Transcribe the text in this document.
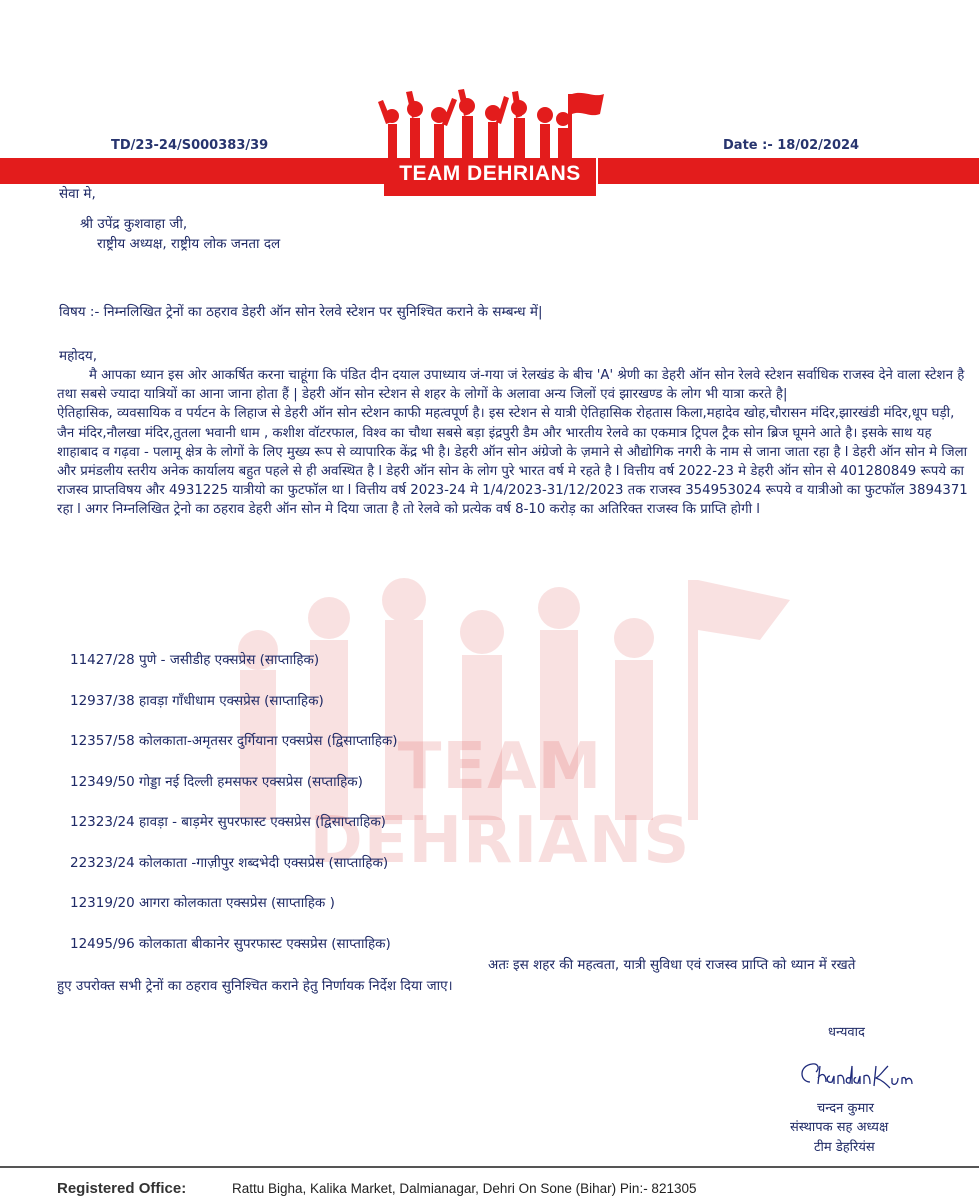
TEAM DEHRIANS
TD/23-24/S000383/39	Date :- 18/02/2024
TEAM DEHRIANS
सेवा मे,
श्री उपेंद्र कुशवाहा जी,
राष्ट्रीय अध्यक्ष, राष्ट्रीय लोक जनता दल
विषय :- निम्नलिखित ट्रेनों का ठहराव डेहरी ऑन सोन रेलवे स्टेशन पर सुनिश्चित कराने के सम्बन्ध में|
महोदय,

मै आपका ध्यान इस ओर आकर्षित करना चाहूंगा कि पंडित दीन दयाल उपाध्याय जं-गया जं रेलखंड के बीच 'A' श्रेणी का डेहरी ऑन सोन रेलवे स्टेशन सर्वाधिक राजस्व देने वाला स्टेशन है तथा सबसे ज्यादा यात्रियों का आना जाना होता हैं | डेहरी ऑन सोन स्टेशन से शहर के लोगों के अलावा अन्य जिलों एवं झारखण्ड के लोग भी यात्रा करते है|

ऐतिहासिक, व्यवसायिक व पर्यटन के लिहाज से डेहरी ऑन सोन स्टेशन काफी महत्वपूर्ण है। इस स्टेशन से यात्री ऐतिहासिक रोहतास किला,महादेव खोह,चौरासन मंदिर,झारखंडी मंदिर,धूप घड़ी, जैन मंदिर,नौलखा मंदिर,तुतला भवानी धाम , कशीश वॉटरफाल, विश्व का चौथा सबसे बड़ा इंद्रपुरी डैम और भारतीय रेलवे का एकमात्र ट्रिपल ट्रैक सोन ब्रिज घूमने आते है। इसके साथ यह शाहाबाद व गढ़वा - पलामू क्षेत्र के लोगों के लिए मुख्य रूप से व्यापारिक केंद्र भी है। डेहरी ऑन सोन अंग्रेजो के ज़माने से औद्योगिक नगरी के नाम से जाना जाता रहा है l डेहरी ऑन सोन मे जिला और प्रमंडलीय स्तरीय अनेक कार्यालय बहुत पहले से ही अवस्थित है l डेहरी ऑन सोन के लोग पुरे भारत वर्ष मे रहते है l वित्तीय वर्ष 2022-23 मे डेहरी ऑन सोन से 401280849 रूपये का राजस्व प्राप्तविषय और 4931225 यात्रीयो का फुटफॉल था l वित्तीय वर्ष 2023-24 मे 1/4/2023-31/12/2023 तक राजस्व 354953024 रूपये व यात्रीओ का फुटफॉल 3894371 रहा l अगर निम्नलिखित ट्रेनो का ठहराव डेहरी ऑन सोन मे दिया जाता है तो रेलवे को प्रत्येक वर्ष 8-10 करोड़ का अतिरिक्त राजस्व कि प्राप्ति होगी l

11427/28 पुणे - जसीडीह एक्सप्रेस (साप्ताहिक)
12937/38 हावड़ा गाँधीधाम एक्सप्रेस (साप्ताहिक)
12357/58 कोलकाता-अमृतसर दुर्गियाना एक्सप्रेस (द्विसाप्ताहिक)
12349/50 गोड्डा नई दिल्ली हमसफर एक्सप्रेस (सप्ताहिक)
12323/24 हावड़ा - बाड़मेर सुपरफास्ट एक्सप्रेस (द्विसाप्ताहिक)
22323/24 कोलकाता -गाज़ीपुर शब्दभेदी एक्सप्रेस (साप्ताहिक)
12319/20 आगरा कोलकाता एक्सप्रेस (साप्ताहिक )
12495/96 कोलकाता बीकानेर सुपरफास्ट एक्सप्रेस (साप्ताहिक)
अतः इस शहर की महत्वता, यात्री सुविधा एवं राजस्व प्राप्ति को ध्यान में रखते
हुए उपरोक्त सभी ट्रेनों का ठहराव सुनिश्चित कराने हेतु निर्णायक निर्देश दिया जाए।
धन्यवाद
चन्दन कुमार
संस्थापक सह अध्यक्ष
टीम डेहरियंस
Registered Office:	Rattu Bigha, Kalika Market, Dalmianagar, Dehri On Sone (Bihar) Pin:- 821305
